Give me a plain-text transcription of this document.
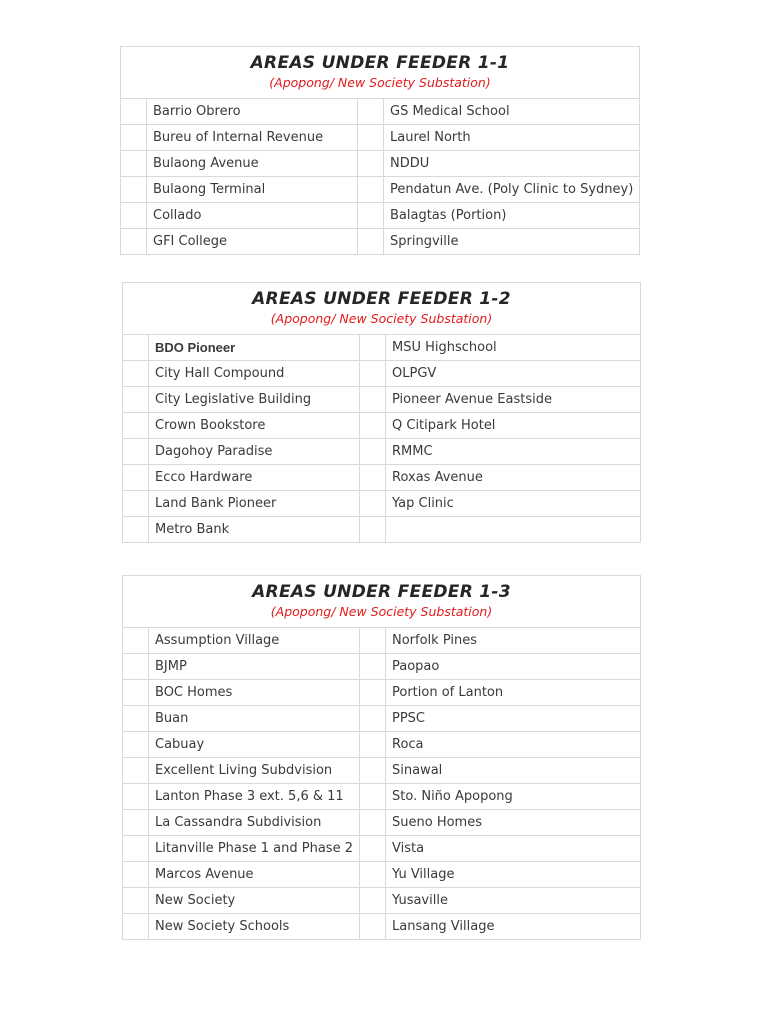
AREAS UNDER FEEDER 1-1
(Apopong/ New Society Substation)			

	Barrio Obrero		GS Medical School
	Bureu of Internal Revenue		Laurel North
	Bulaong Avenue		NDDU
	Bulaong Terminal		Pendatun Ave. (Poly Clinic to Sydney)
	Collado		Balagtas (Portion)
	GFI College		Springville
AREAS UNDER FEEDER 1-2
(Apopong/ New Society Substation)			

	BDO Pioneer		MSU Highschool
	City Hall Compound		OLPGV
	City Legislative Building		Pioneer Avenue Eastside
	Crown Bookstore		Q Citipark Hotel
	Dagohoy Paradise		RMMC
	Ecco Hardware		Roxas Avenue
	Land Bank Pioneer		Yap Clinic
	Metro Bank		
AREAS UNDER FEEDER 1-3
(Apopong/ New Society Substation)			

	Assumption Village		Norfolk Pines
	BJMP		Paopao
	BOC Homes		Portion of Lanton
	Buan		PPSC
	Cabuay		Roca
	Excellent Living Subdvision		Sinawal
	Lanton Phase 3 ext. 5,6 & 11		Sto. Niño Apopong
	La Cassandra Subdivision		Sueno Homes
	Litanville Phase 1 and Phase 2		Vista
	Marcos Avenue		Yu Village
	New Society		Yusaville
	New Society Schools		Lansang Village
